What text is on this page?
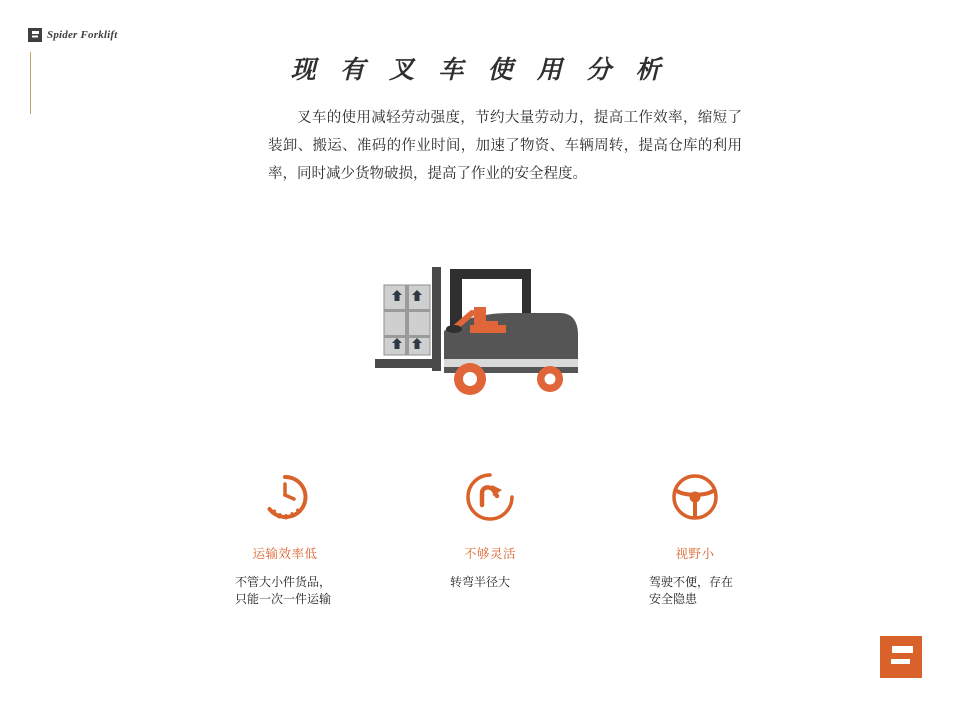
Spider Forklift
现 有 叉 车 使 用 分 析
叉车的使用减轻劳动强度，节约大量劳动力，提高工作效率，缩短了装卸、搬运、准码的作业时间，加速了物资、车辆周转，提高仓库的利用率，同时减少货物破损，提高了作业的安全程度。
运输效率低
不管大小件货品，只能一次一件运输
不够灵活
转弯半径大
视野小
驾驶不便，存在安全隐患
